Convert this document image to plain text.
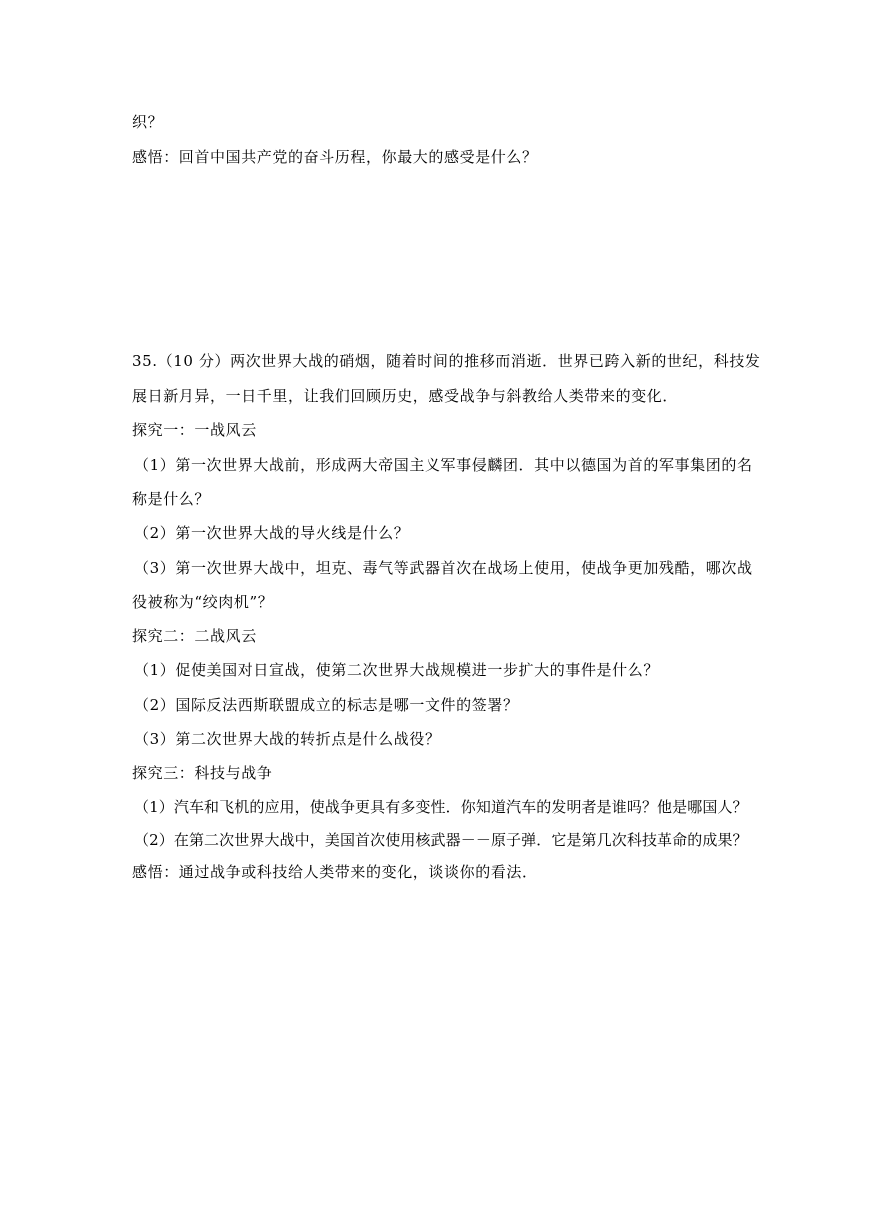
织？
感悟：回首中国共产党的奋斗历程，你最大的感受是什么？
35.（10 分）两次世界大战的硝烟，随着时间的推移而消逝．世界已跨入新的世纪，科技发
展日新月异，一日千里，让我们回顾历史，感受战争与斜教给人类带来的变化．
探究一：一战风云
（1）第一次世界大战前，形成两大帝国主义军事侵麟团．其中以德国为首的军事集团的名
称是什么？
（2）第一次世界大战的导火线是什么？
（3）第一次世界大战中，坦克、毒气等武器首次在战场上使用，使战争更加残酷，哪次战
役被称为“绞肉机”？
探究二：二战风云
（1）促使美国对日宣战，使第二次世界大战规模进一步扩大的事件是什么？
（2）国际反法西斯联盟成立的标志是哪一文件的签署？
（3）第二次世界大战的转折点是什么战役？
探究三：科技与战争
（1）汽车和飞机的应用，使战争更具有多变性．你知道汽车的发明者是谁吗？他是哪国人？
（2）在第二次世界大战中，美国首次使用核武器－－原子弹．它是第几次科技革命的成果？
感悟：通过战争或科技给人类带来的变化，谈谈你的看法．
